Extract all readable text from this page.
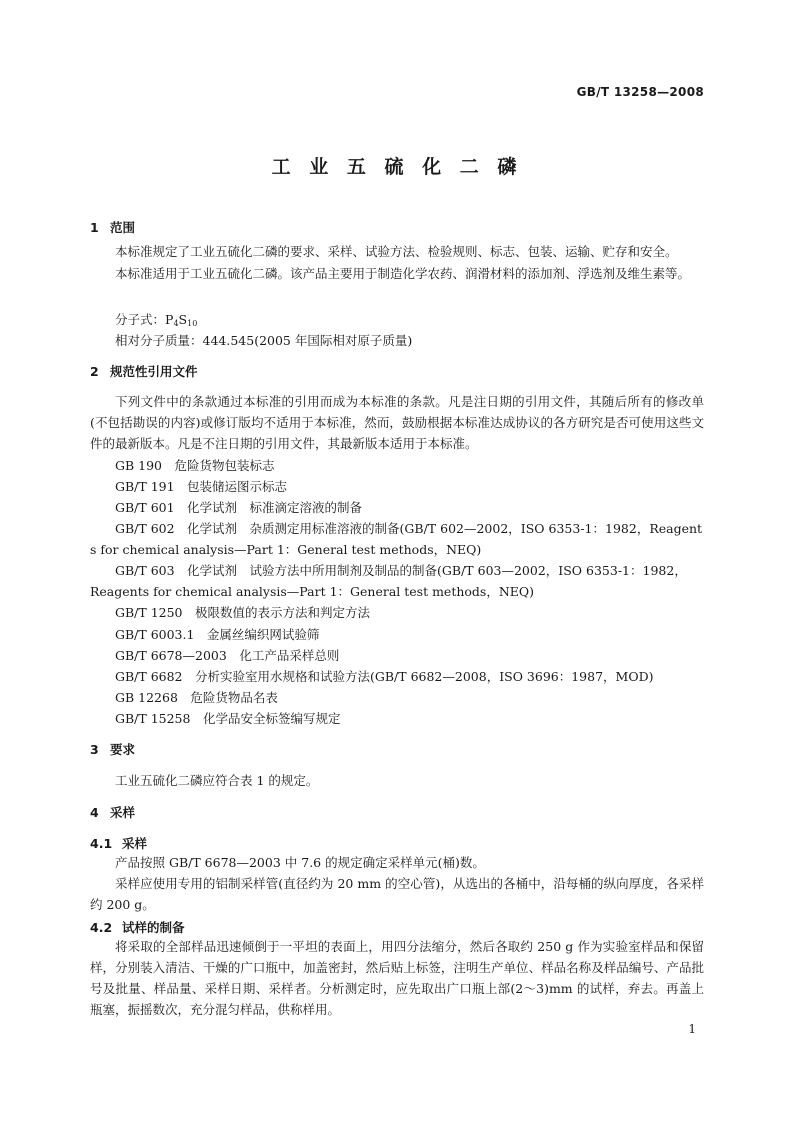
GB/T 13258—2008
工 业 五 硫 化 二 磷
1 范围
本标准规定了工业五硫化二磷的要求、采样、试验方法、检验规则、标志、包装、运输、贮存和安全。
本标准适用于工业五硫化二磷。该产品主要用于制造化学农药、润滑材料的添加剂、浮选剂及维生素等。
分子式：P4S10
相对分子质量：444.545(2005 年国际相对原子质量)
2 规范性引用文件
下列文件中的条款通过本标准的引用而成为本标准的条款。凡是注日期的引用文件，其随后所有的修改单(不包括勘误的内容)或修订版均不适用于本标准，然而，鼓励根据本标准达成协议的各方研究是否可使用这些文件的最新版本。凡是不注日期的引用文件，其最新版本适用于本标准。
GB 190　危险货物包装标志
GB/T 191　包装储运图示标志
GB/T 601　化学试剂　标准滴定溶液的制备
GB/T 602　化学试剂　杂质测定用标准溶液的制备(GB/T 602—2002，ISO 6353-1：1982，Reagents for chemical analysis—Part 1：General test methods，NEQ)
GB/T 603　化学试剂　试验方法中所用制剂及制品的制备(GB/T 603—2002，ISO 6353-1：1982，Reagents for chemical analysis—Part 1：General test methods，NEQ)
GB/T 1250　极限数值的表示方法和判定方法
GB/T 6003.1　金属丝编织网试验筛
GB/T 6678—2003　化工产品采样总则
GB/T 6682　分析实验室用水规格和试验方法(GB/T 6682—2008，ISO 3696：1987，MOD)
GB 12268　危险货物品名表
GB/T 15258　化学品安全标签编写规定
3 要求
工业五硫化二磷应符合表 1 的规定。
4 采样
4.1 采样
产品按照 GB/T 6678—2003 中 7.6 的规定确定采样单元(桶)数。
采样应使用专用的铝制采样管(直径约为 20 mm 的空心管)，从选出的各桶中，沿每桶的纵向厚度，各采样约 200 g。
4.2 试样的制备
将采取的全部样品迅速倾倒于一平坦的表面上，用四分法缩分，然后各取约 250 g 作为实验室样品和保留样，分别装入清洁、干燥的广口瓶中，加盖密封，然后贴上标签，注明生产单位、样品名称及样品编号、产品批号及批量、样品量、采样日期、采样者。分析测定时，应先取出广口瓶上部(2～3)mm 的试样，弃去。再盖上瓶塞，振摇数次，充分混匀样品，供称样用。
1
